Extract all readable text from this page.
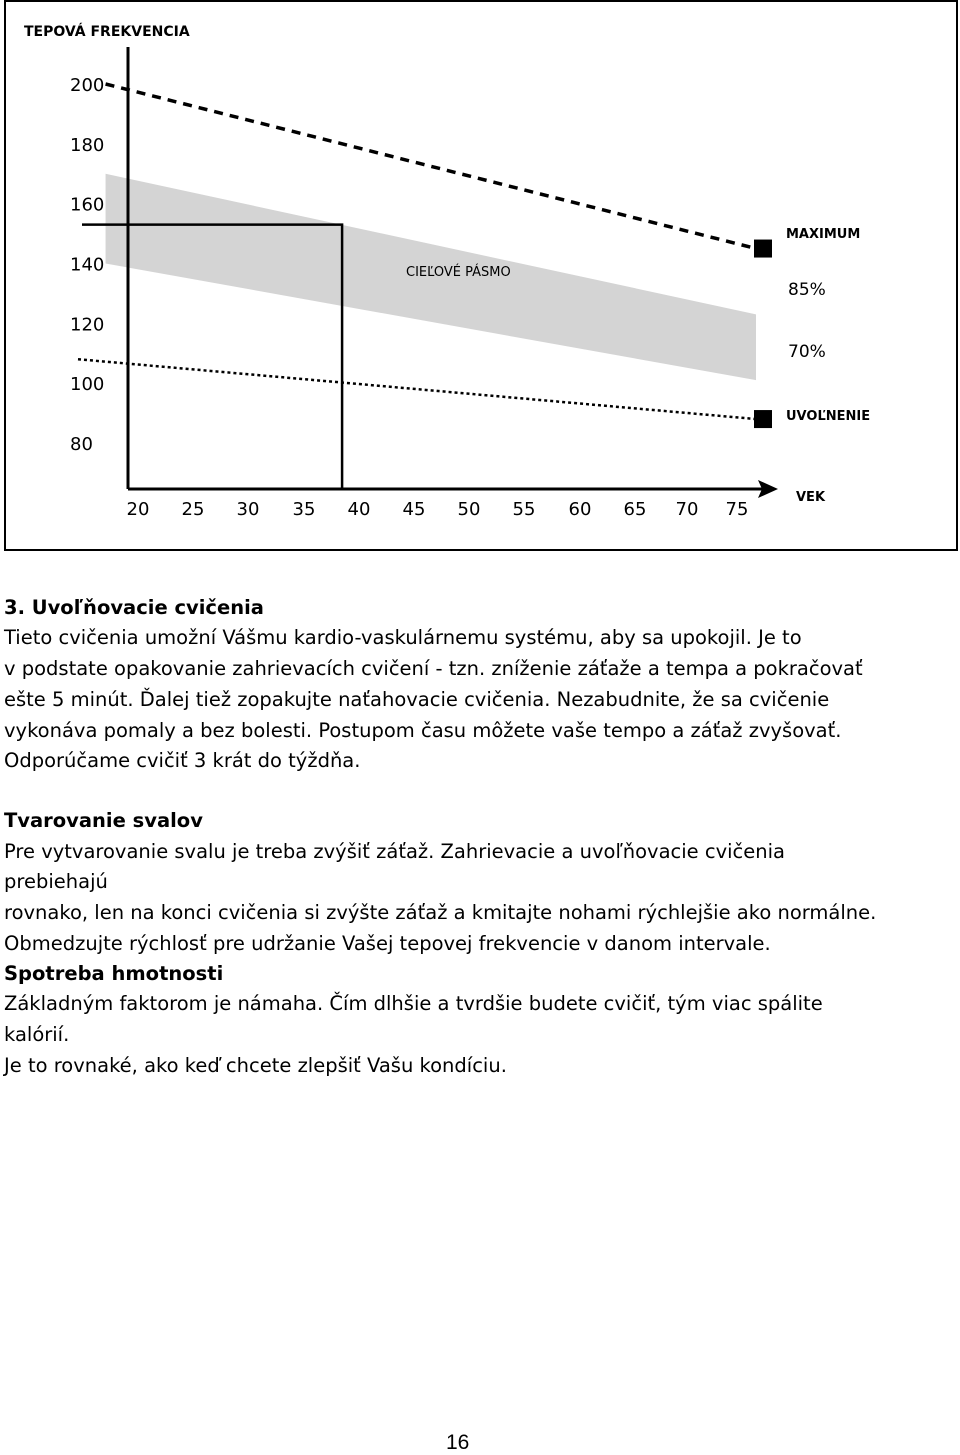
TEPOVÁ FREKVENCIA
CIEĽOVÉ PÁSMO
200
180
160
140
120
100
80
20 25 30 35 40 45 50 55 60 65 70 75
MAXIMUM
85%
70%
UVOĽNENIE
VEK
3. Uvoľňovacie cvičenia
Tieto cvičenia umožní Vášmu kardio-vaskulárnemu systému, aby sa upokojil. Je to
v podstate opakovanie zahrievacích cvičení - tzn. zníženie záťaže a tempa a pokračovať
ešte 5 minút. Ďalej tiež zopakujte naťahovacie cvičenia. Nezabudnite, že sa cvičenie
vykonáva pomaly a bez bolesti. Postupom času môžete vaše tempo a záťaž zvyšovať.
Odporúčame cvičiť 3 krát do týždňa.
Tvarovanie svalov
Pre vytvarovanie svalu je treba zvýšiť záťaž. Zahrievacie a uvoľňovacie cvičenia
prebiehajú
rovnako, len na konci cvičenia si zvýšte záťaž a kmitajte nohami rýchlejšie ako normálne.
Obmedzujte rýchlosť pre udržanie Vašej tepovej frekvencie v danom intervale.
Spotreba hmotnosti
Základným faktorom je námaha. Čím dlhšie a tvrdšie budete cvičiť, tým viac spálite
kalórií.
Je to rovnaké, ako keď chcete zlepšiť Vašu kondíciu.
16
